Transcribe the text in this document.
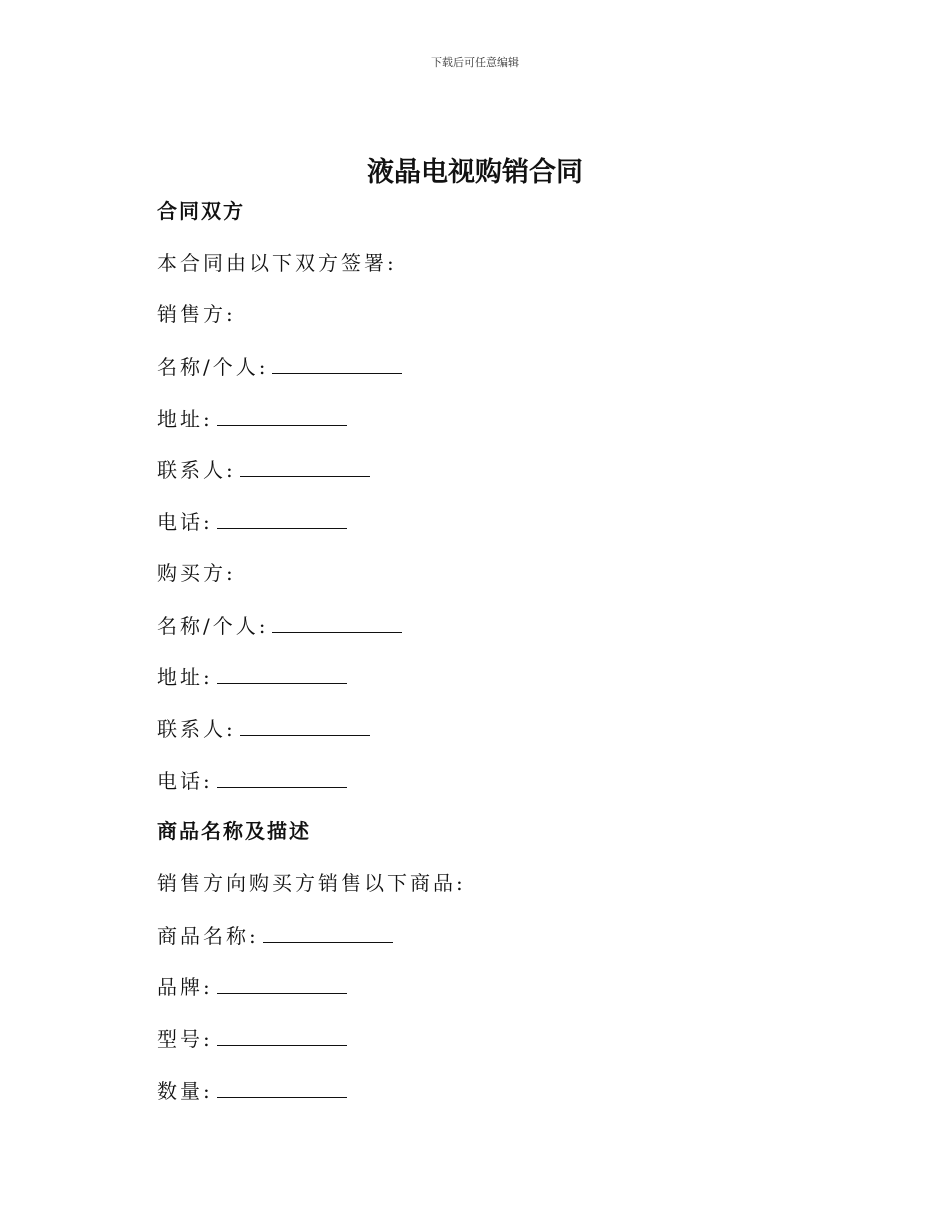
下载后可任意编辑
液晶电视购销合同
合同双方
本合同由以下双方签署:
销售方:
名称/个人:
地址:
联系人:
电话:
购买方:
名称/个人:
地址:
联系人:
电话:
商品名称及描述
销售方向购买方销售以下商品:
商品名称:
品牌:
型号:
数量:
